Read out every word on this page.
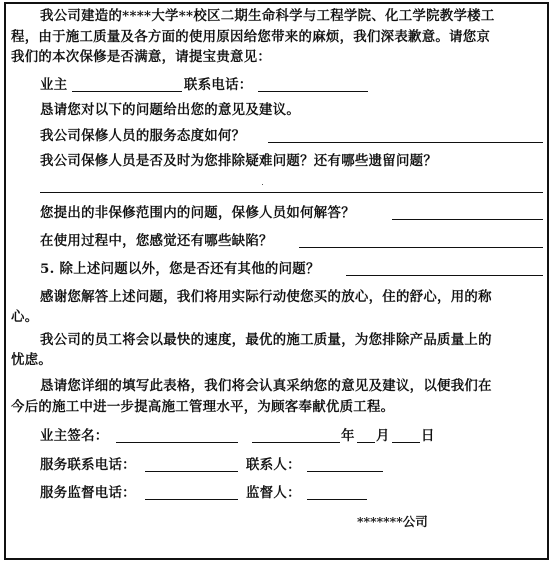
我公司建造的****大学**校区二期生命科学与工程学院、化工学院教学楼工
程，由于施工质量及各方面的使用原因给您带来的麻烦，我们深表歉意。请您京
我们的本次保修是否满意，请提宝贵意见：
业主	联系电话：
恳请您对以下的问题给出您的意见及建议。
我公司保修人员的服务态度如何？
我公司保修人员是否及时为您排除疑难问题？还有哪些遗留问题？
您提出的非保修范围内的问题，保修人员如何解答？
在使用过程中，您感觉还有哪些缺陷？
5. 除上述问题以外，您是否还有其他的问题？
感谢您解答上述问题，我们将用实际行动使您买的放心，住的舒心，用的称
心。
我公司的员工将会以最快的速度，最优的施工质量，为您排除产品质量上的
忧虑。
恳请您详细的填写此表格，我们将会认真采纳您的意见及建议，以便我们在
今后的施工中进一步提高施工管理水平，为顾客奉献优质工程。
业主签名：	年 月 日
服务联系电话：	联系人：
服务监督电话：	监督人：
*******公司
